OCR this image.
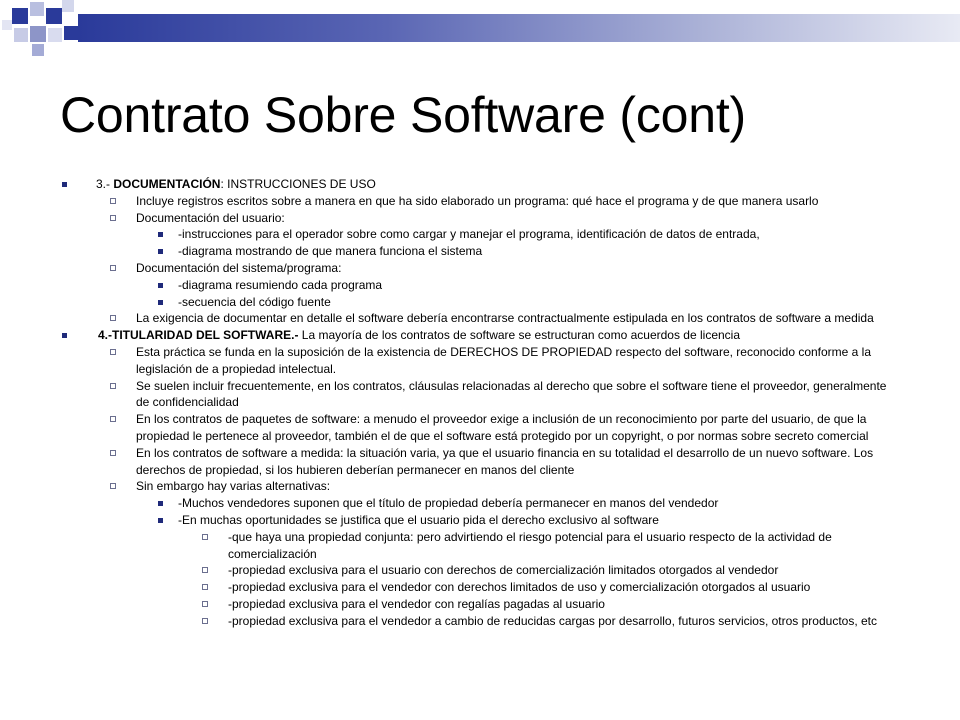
Contrato Sobre Software (cont)
3.- DOCUMENTACIÓN: INSTRUCCIONES DE USO
Incluye registros escritos sobre a manera en que ha sido elaborado un programa: qué hace el programa y de que manera usarlo
Documentación del usuario:
-instrucciones para el operador sobre como cargar y manejar el programa, identificación de datos de entrada,
-diagrama mostrando de que manera funciona el sistema
Documentación del sistema/programa:
-diagrama resumiendo cada programa
-secuencia del código fuente
La exigencia de documentar en detalle el software debería encontrarse contractualmente estipulada en los contratos de software a medida
4.-TITULARIDAD DEL SOFTWARE.- La mayoría de los contratos de software se estructuran como acuerdos de licencia
Esta práctica se funda en la suposición de la existencia de DERECHOS DE PROPIEDAD respecto del software, reconocido conforme a la legislación de a propiedad intelectual.
Se suelen incluir frecuentemente, en los contratos, cláusulas relacionadas al derecho que sobre el software tiene el proveedor, generalmente de confidencialidad
En los contratos de paquetes de software: a menudo el proveedor exige a inclusión de un reconocimiento por parte del usuario, de que la propiedad le pertenece al proveedor, también el de que el software está protegido por un copyright, o por normas sobre secreto comercial
En los contratos de software a medida: la situación varia, ya que el usuario financia en su totalidad el desarrollo de un nuevo software. Los derechos de propiedad, si los hubieren deberían permanecer en manos del cliente
Sin embargo hay varias alternativas:
-Muchos vendedores suponen que el título de propiedad debería permanecer en manos del vendedor
-En muchas oportunidades se justifica que el usuario pida el derecho exclusivo al software
-que haya una propiedad conjunta: pero advirtiendo el riesgo potencial para el usuario respecto de la actividad de comercialización
-propiedad exclusiva para el usuario con derechos de comercialización limitados otorgados al vendedor
-propiedad exclusiva para el vendedor con derechos limitados de uso y comercialización otorgados al usuario
-propiedad exclusiva para el vendedor con regalías pagadas al usuario
-propiedad exclusiva para el vendedor a cambio de reducidas cargas por desarrollo, futuros servicios, otros productos, etc
